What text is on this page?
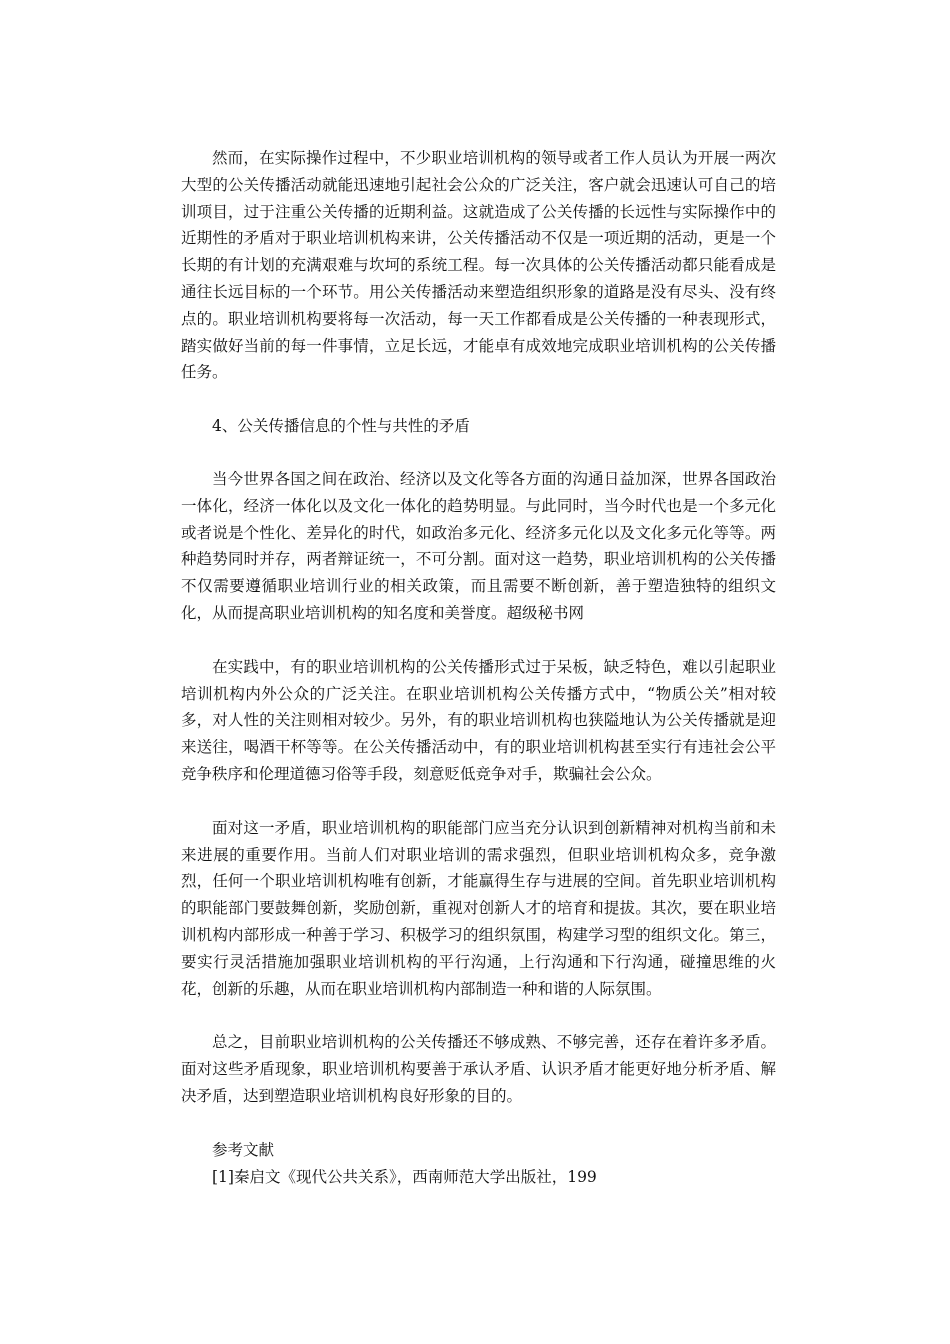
然而，在实际操作过程中，不少职业培训机构的领导或者工作人员认为开展一两次大型的公关传播活动就能迅速地引起社会公众的广泛关注，客户就会迅速认可自己的培训项目，过于注重公关传播的近期利益。这就造成了公关传播的长远性与实际操作中的近期性的矛盾对于职业培训机构来讲，公关传播活动不仅是一项近期的活动，更是一个长期的有计划的充满艰难与坎坷的系统工程。每一次具体的公关传播活动都只能看成是通往长远目标的一个环节。用公关传播活动来塑造组织形象的道路是没有尽头、没有终点的。职业培训机构要将每一次活动，每一天工作都看成是公关传播的一种表现形式，踏实做好当前的每一件事情，立足长远，才能卓有成效地完成职业培训机构的公关传播任务。

4、公关传播信息的个性与共性的矛盾

当今世界各国之间在政治、经济以及文化等各方面的沟通日益加深，世界各国政治一体化，经济一体化以及文化一体化的趋势明显。与此同时，当今时代也是一个多元化或者说是个性化、差异化的时代，如政治多元化、经济多元化以及文化多元化等等。两种趋势同时并存，两者辩证统一，不可分割。面对这一趋势，职业培训机构的公关传播不仅需要遵循职业培训行业的相关政策，而且需要不断创新，善于塑造独特的组织文化，从而提高职业培训机构的知名度和美誉度。超级秘书网

在实践中，有的职业培训机构的公关传播形式过于呆板，缺乏特色，难以引起职业培训机构内外公众的广泛关注。在职业培训机构公关传播方式中，“物质公关”相对较多，对人性的关注则相对较少。另外，有的职业培训机构也狭隘地认为公关传播就是迎来送往，喝酒干杯等等。在公关传播活动中，有的职业培训机构甚至实行有违社会公平竞争秩序和伦理道德习俗等手段，刻意贬低竞争对手，欺骗社会公众。

面对这一矛盾，职业培训机构的职能部门应当充分认识到创新精神对机构当前和未来进展的重要作用。当前人们对职业培训的需求强烈，但职业培训机构众多，竞争激烈，任何一个职业培训机构唯有创新，才能赢得生存与进展的空间。首先职业培训机构的职能部门要鼓舞创新，奖励创新，重视对创新人才的培育和提拔。其次，要在职业培训机构内部形成一种善于学习、积极学习的组织氛围，构建学习型的组织文化。第三，要实行灵活措施加强职业培训机构的平行沟通，上行沟通和下行沟通，碰撞思维的火花，创新的乐趣，从而在职业培训机构内部制造一种和谐的人际氛围。

总之，目前职业培训机构的公关传播还不够成熟、不够完善，还存在着许多矛盾。面对这些矛盾现象，职业培训机构要善于承认矛盾、认识矛盾才能更好地分析矛盾、解决矛盾，达到塑造职业培训机构良好形象的目的。

参考文献

[1]秦启文《现代公共关系》，西南师范大学出版社，199
